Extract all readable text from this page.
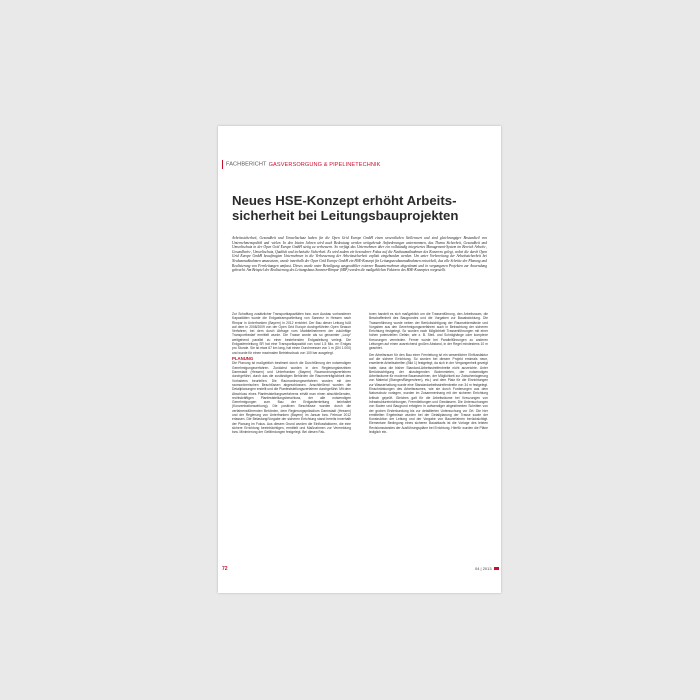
FACHBERICHT GASVERSORGUNG & PIPELINETECHNIK
Neues HSE-Konzept erhöht Arbeitssicherheit bei Leitungsbauprojekten
Arbeitssicherheit, Gesundheit und Umweltschutz haben für die Open Grid Europe GmbH einen wesentlichen Stellenwert und sind gleichrangiger Bestandteil von Unternehmenspolitik und -zielen. In den letzten Jahren wird auch Bedeutung werden weitgehende Anforderungen unternommen, das Thema Sicherheit, Gesundheit und Umweltschutz in der Open Grid Europe GmbH stetig zu verbessern. So verfügt das Unternehmen über ein vollständig integriertes Management-System im Bereich Arbeits-, Gesundheits-, Umweltschutz, Qualität und technische Sicherheit. Es wird zudem ein besonderer Fokus auf die Neubaumaßnahmen des Konzerns gelegt, wobei die durch Open Grid Europe GmbH beauftragten Unternehmen in die Verbesserung der Arbeitssicherheit explizit eingebunden werden. Um unter Vorbereitung der Arbeitssicherheit bei Neubaumaßnahmen umzusetzen, wurde innerhalb der Open Grid Europe GmbH ein HSE-Konzept für Leitungsneubaumaßnahmen entwickelt, das alle Schritte der Planung und Realisierung von Fernleitungen umfasst. Dieses wurde unter Beteiligung ausgewählter externer Bauunternehmen abgestimmt und in vergangenen Projekten zur Anwendung gebracht. Am Beispiel der Realisierung des Leitungsbaus Sannerz-Rimpar (SRP) werden die maßgeblichen Faktoren des HSE-Konzeptes vorgestellt.

Zur Schaffung zusätzlicher Transportkapazitäten bzw. zum Ausbau vorhandener Kapazitäten wurde die Erdgastransportleitung von Sannerz in Hessen nach Rimpar in Unterfranken (Bayern) in 2012 errichtet. Der Bau dieser Leitung fußt auf dem in 2008/2009 von der Open Grid Europe durchgeführten Open Season Verfahren, bei dem durch Abfrage vom Marktteilnehmern der zukünftige Transportbedarf ermittelt wurde. Die Trasse wurde als so genannter „Loop“ weitgehend parallel zu einer bestehenden Erdgasleitung verlegt. Die Erdgasfernleitung SR hat eine Transportkapazität von rund 1,5 Mio. m³ Erdgas pro Stunde. Sie ist etwa 67 km lang, hat einen Durchmesser von 1 m (DN 1.000) und wurde für einen maximalen Betriebsdruck von 100 bar ausgelegt.

PLANUNG

Die Planung ist maßgeblich bestimmt durch die Durchführung der notwendigen Genehmigungsverfahren. Zunächst wurden in den Regierungsbezirken Darmstadt (Hessen) und Unterfranken (Bayern) Raumordnungsverfahren durchgeführt, durch das die zuständigen Behörden die Raumverträglichkeit des Vorhabens beurteilen. Die Raumordnungsverfahren wurden mit den raumordnerischen Beschlüssen abgeschlossen. Anschließend wurden die Detailplanungen erstellt und die Planfeststellungsverfahren durchgeführt. Mit dem Abschluss eines Planfeststellungsverfahrens erhält man einen abschließenden, rechtskräftigen Planfeststellungsbeschluss, der alle notwendigen Genehmigungen zum Bau der Erdgasfernleitung beinhaltet (Konzentrationswirkung). Die positiven Beschlüsse wurden durch die verfahrensführenden Behörden, dem Regierungspräsidium Darmstadt (Hessen) und der Regierung von Unterfranken (Bayern) im Januar bzw. Februar 2012 erlassen. Die Belastung/Vorgabe der sicheren Errichtung stand bereits innerhalb der Planung im Fokus. Aus diesem Grund wurden die Einflussfaktoren, die eine sichere Errichtung beeinträchtigen, ermittelt und Maßnahmen zur Vermeidung bzw. Minimierung der Gefährdungen festgelegt. Bei diesen Fak-

toren handelt es sich maßgeblich um die Trassenführung, den Arbeitsraum, die Beschaffenheit des Baugrundes und die Vorgaben zur Bauabwicklung. Die Trassenführung wurde neben der Berücksichtigung der Raumwiderstände und Vorgaben aus den Genehmigungsverfahren auch in Betrachtung der sicheren Errichtung festgelegt. So wurden nach Möglichkeit Trassenführungen mit einer hohen potenziellen Gefahr, wie z. B. Steil- und Schräghänge oder komplexe Kreuzungen vermieden. Ferner wurde bei Parallelführungen zu anderen Leitungen auf einen ausreichend großen Abstand, in der Regel mindestens 10 m geachtet.

Der Arbeitsraum für den Bau einer Fernleitung ist ein wesentlicher Einflussfaktor auf die sichere Errichtung. So wurden bei diesem Projekt erstmals neue, erweiterte Arbeitsstreifen (Bild 1) festgelegt, da sich in der Vergangenheit gezeigt hatte, dass die bisher Standard-Arbeitsstreifenbreite nicht ausreichte. Unter Berücksichtigung der abzulegenden Bodenmieten, der notwendigen Arbeitsräume für moderne Baumaschinen, der Möglichkeit zur Zwischenlagerung von Material (Stangen/Biegerohren), etc.) und dem Platz für die Einrichtungen zur Wasserhaltung wurde eine Standardarbeitsstreifenbreite von 34 m festgelegt. Einschränkungen des Arbeitsraumes, wie sie durch Forderungen aus dem Naturschutz vorlagen, wurden im Zusammenhang mit der sicheren Errichtung kritisch geprüft. Gleiches galt für die Arbeitsräume bei Kreuzungen von Infrastruktureinrichtungen, Fremdleitungen und Gewässern. Die Untersuchungen von Boden und Baugrund erfolgten in aufwendiger abgestimmten Schritten von der groben Ersterkundung bis zur detaillierten Untersuchung vor Ort. Die hier ermittelten Ergebnisse wurden bei der Detailplanung der Trasse sowie der Konstruktion der Leitung und der Vorgabe von Bauverfahren berücksichtigt. Elementare Bedingung eines sicheren Bauablaufs ist die Vorlage des letzten Revisionsstandes der Ausführungspläne bei Errichtung. Hierfür wurden die Pläne lediglich ein-

72	04 | 2013
